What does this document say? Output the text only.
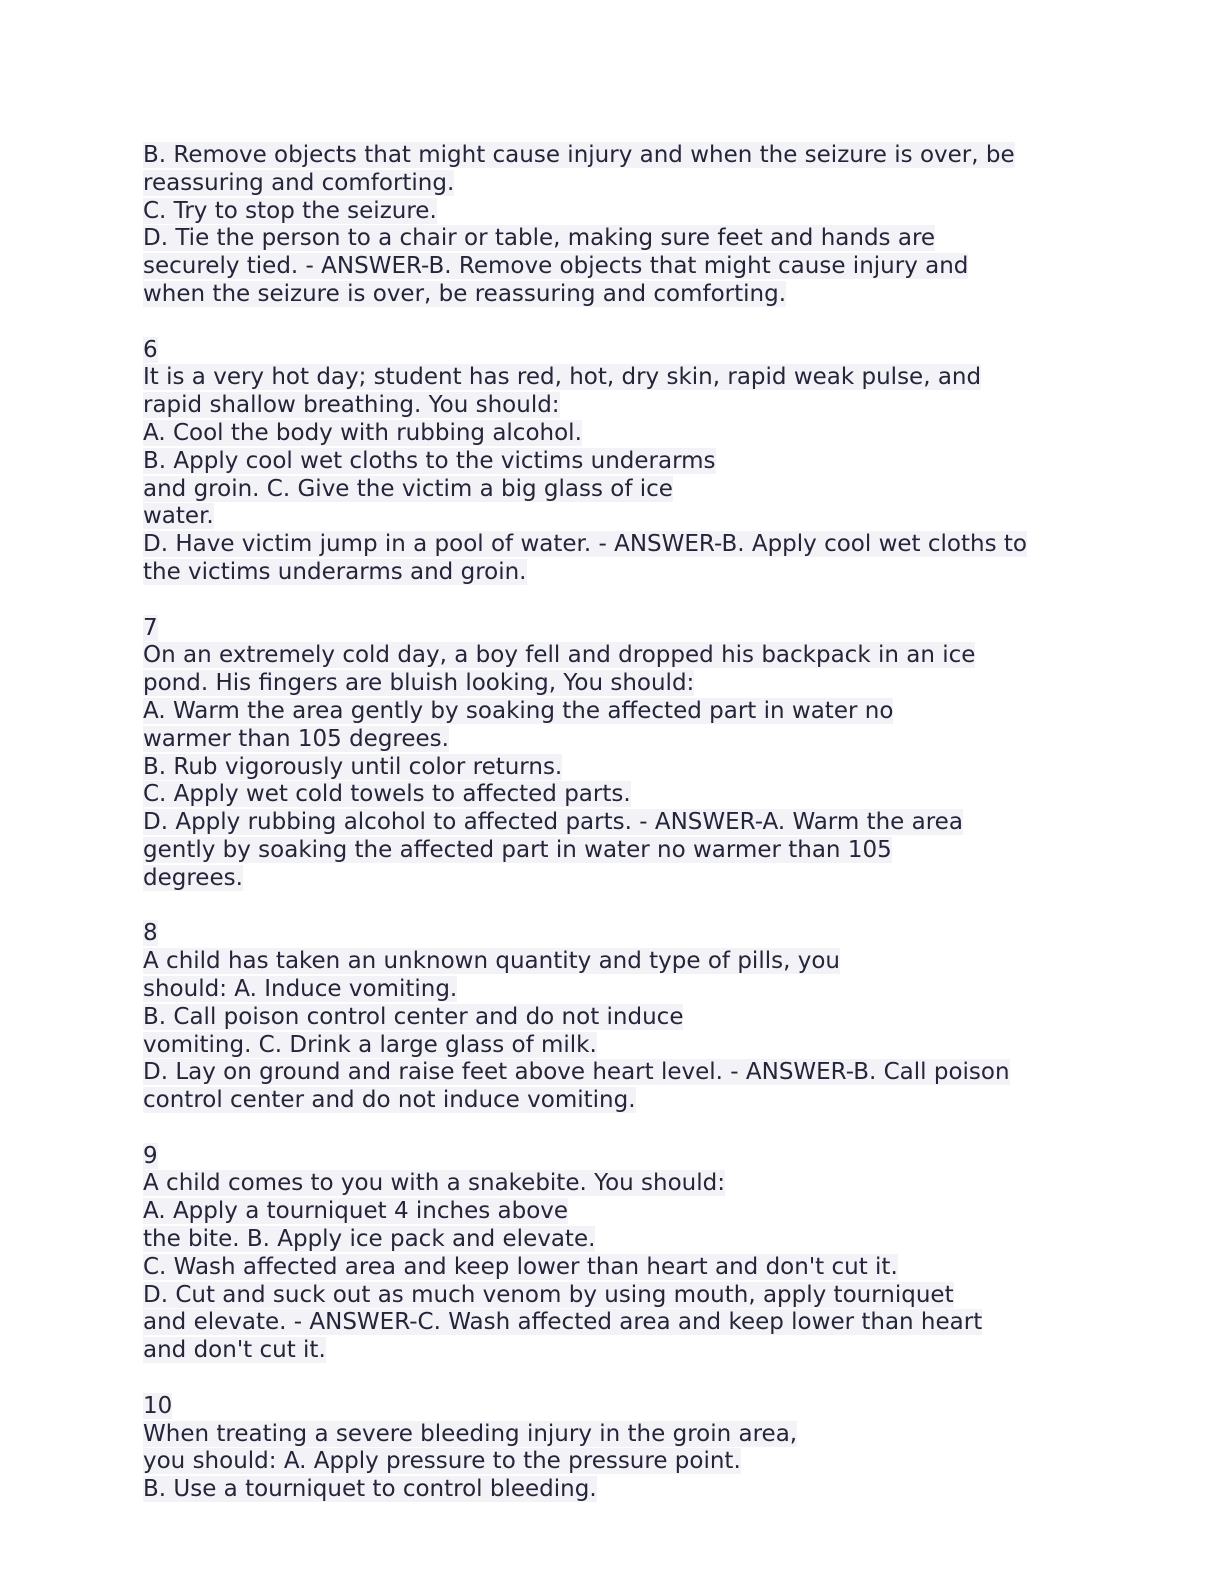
B. Remove objects that might cause injury and when the seizure is over, be
reassuring and comforting.
C. Try to stop the seizure.
D. Tie the person to a chair or table, making sure feet and hands are
securely tied. - ANSWER-B. Remove objects that might cause injury and
when the seizure is over, be reassuring and comforting.
6
It is a very hot day; student has red, hot, dry skin, rapid weak pulse, and
rapid shallow breathing. You should:
A. Cool the body with rubbing alcohol.
B. Apply cool wet cloths to the victims underarms
and groin. C. Give the victim a big glass of ice
water.
D. Have victim jump in a pool of water. - ANSWER-B. Apply cool wet cloths to
the victims underarms and groin.
7
On an extremely cold day, a boy fell and dropped his backpack in an ice
pond. His fingers are bluish looking, You should:
A. Warm the area gently by soaking the affected part in water no
warmer than 105 degrees.
B. Rub vigorously until color returns.
C. Apply wet cold towels to affected parts.
D. Apply rubbing alcohol to affected parts. - ANSWER-A. Warm the area
gently by soaking the affected part in water no warmer than 105
degrees.
8
A child has taken an unknown quantity and type of pills, you
should: A. Induce vomiting.
B. Call poison control center and do not induce
vomiting. C. Drink a large glass of milk.
D. Lay on ground and raise feet above heart level. - ANSWER-B. Call poison
control center and do not induce vomiting.
9
A child comes to you with a snakebite. You should:
A. Apply a tourniquet 4 inches above
the bite. B. Apply ice pack and elevate.
C. Wash affected area and keep lower than heart and don't cut it.
D. Cut and suck out as much venom by using mouth, apply tourniquet
and elevate. - ANSWER-C. Wash affected area and keep lower than heart
and don't cut it.
10
When treating a severe bleeding injury in the groin area,
you should: A. Apply pressure to the pressure point.
B. Use a tourniquet to control bleeding.
